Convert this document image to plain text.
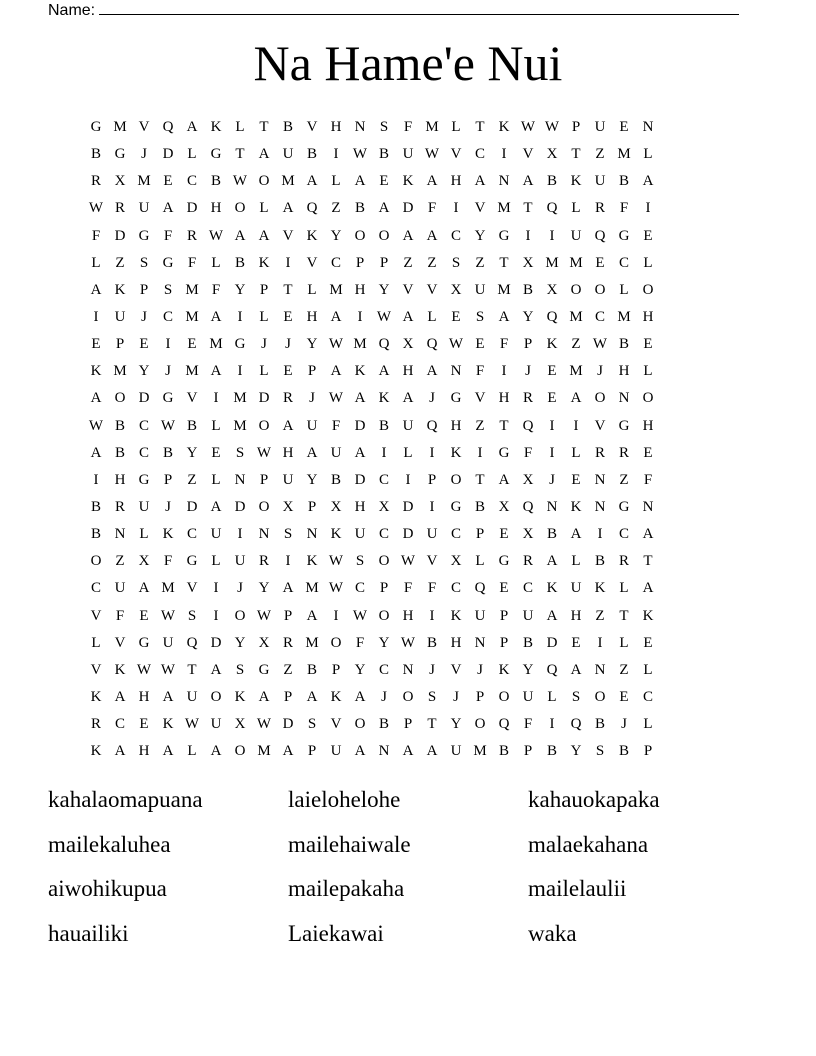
Name:
Na Hame'e Nui
G M V Q A K L T B V H N S	F M L T K W W P U E N
B G	J	D L G T A U B	I W B U W V C	I	V X T Z M L
R X M E C B W O M A L A E K A H A N A B K U B A
W R U A D H O L A Q Z B A D F	I	V M T Q L R F	I
F D G F R W A A V K Y O O A A C Y G	I	I	U Q G E
L Z	S G F	L B K	I	V C P	P	Z Z	S	Z T X M M E C L
A K P	S M F Y P	T L M H Y V V X U M B X O O L O
I	U	J	C M A	I	L E H A	I W A L E	S A Y Q M C M H
E	P	E	I	E M G	J	J	Y W M Q X Q W E	F	P K Z W B E
K M Y	J M A	I	L E	P A K A H A N F	I	J	E M J	H L
A O D G V	I M D R	J W A K A	J	G V H R E A O N O
W B C W B L M O A U F D B U Q H Z T Q	I	I	V G H
A B C B Y E	S W H A U A	I	L	I	K	I	G F	I	L R R E
I	H G P	Z L N P U Y B D C	I	P O T A X	J	E N Z	F
B R U	J	D A D O X P X H X D	I	G B X Q N K N G N
B N L K C U	I	N S N K U C D U C P	E X B A	I	C A
O Z X F G L U R	I	K W S O W V X L G R A L B R T
C U A M V	I	J	Y A M W C P	F	F C Q E C K U K L A
V F	E W S	I	O W P A	I W O H	I	K U P U A H Z T K
L V G U Q D Y X R M O F Y W B H N P B D E	I	L E
V K W W T A S G Z B P Y C N	J	V	J	K Y Q A N Z L
K A H A U O K A P A K A	J	O S	J	P O U L	S O E C
R C E K W U X W D S V O B P	T Y O Q F	I	Q B	J	L
K A H A L A O M A P U A N A A U M B P B Y S B P
kahalaomapuana	laielohelohe	kahauokapaka
mailekaluhea	mailehaiwale	malaekahana
aiwohikupua	mailepakaha	mailelaulii
hauailiki	Laiekawai	waka
